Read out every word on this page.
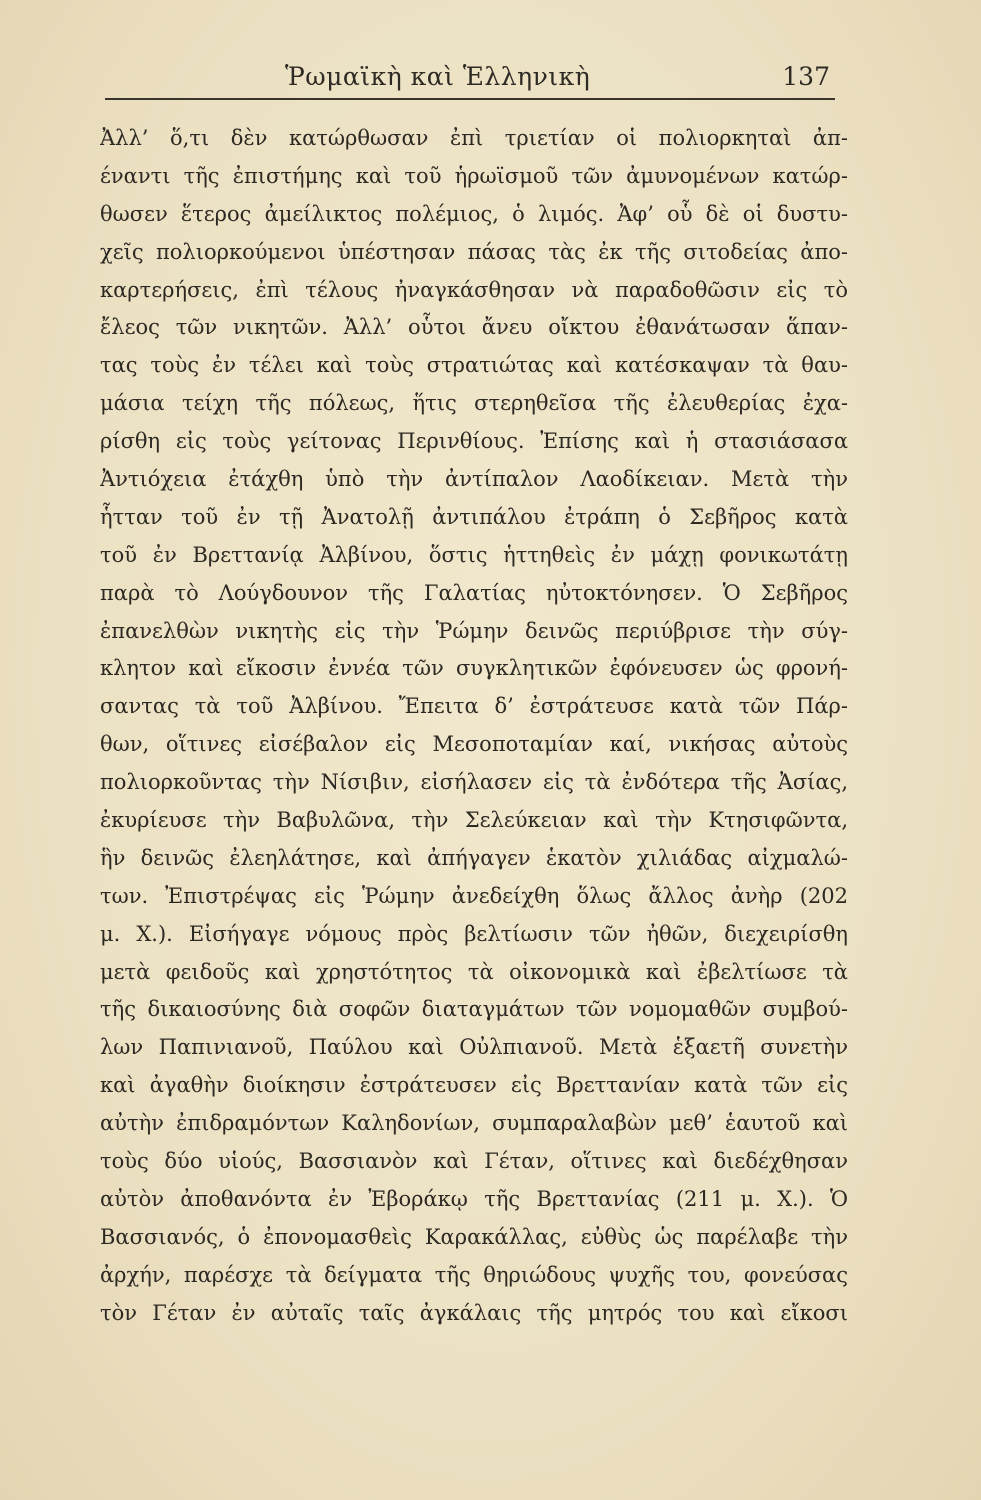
Ῥωμαϊκὴ καὶ Ἑλληνικὴ	137
Ἀλλ’ ὅ,τι δὲν κατώρθωσαν ἐπὶ τριετίαν οἱ πολιορκηταὶ ἀπ-
έναντι τῆς ἐπιστήμης καὶ τοῦ ἡρωϊσμοῦ τῶν ἀμυνομένων κατώρ-
θωσεν ἕτερος ἀμείλικτος πολέμιος, ὁ λιμός. Ἀφ’ οὗ δὲ οἱ δυστυ-
χεῖς πολιορκούμενοι ὑπέστησαν πάσας τὰς ἐκ τῆς σιτοδείας ἀπο-
καρτερήσεις, ἐπὶ τέλους ἠναγκάσθησαν νὰ παραδοθῶσιν εἰς τὸ
ἔλεος τῶν νικητῶν. Ἀλλ’ οὗτοι ἄνευ οἴκτου ἐθανάτωσαν ἅπαν-
τας τοὺς ἐν τέλει καὶ τοὺς στρατιώτας καὶ κατέσκαψαν τὰ θαυ-
μάσια τείχη τῆς πόλεως, ἥτις στερηθεῖσα τῆς ἐλευθερίας ἐχα-
ρίσθη εἰς τοὺς γείτονας Περινθίους. Ἐπίσης καὶ ἡ στασιάσασα
Ἀντιόχεια ἐτάχθη ὑπὸ τὴν ἀντίπαλον Λαοδίκειαν. Μετὰ τὴν
ἧτταν τοῦ ἐν τῇ Ἀνατολῇ ἀντιπάλου ἐτράπη ὁ Σεβῆρος κατὰ
τοῦ ἐν Βρεττανίᾳ Ἀλβίνου, ὅστις ἡττηθεὶς ἐν μάχῃ φονικωτάτῃ
παρὰ τὸ Λούγδουνον τῆς Γαλατίας ηὐτοκτόνησεν. Ὁ Σεβῆρος
ἐπανελθὼν νικητὴς εἰς τὴν Ῥώμην δεινῶς περιύβρισε τὴν σύγ-
κλητον καὶ εἴκοσιν ἐννέα τῶν συγκλητικῶν ἐφόνευσεν ὡς φρονή-
σαντας τὰ τοῦ Ἀλβίνου. Ἔπειτα δ’ ἐστράτευσε κατὰ τῶν Πάρ-
θων, οἵτινες εἰσέβαλον εἰς Μεσοποταμίαν καί, νικήσας αὐτοὺς
πολιορκοῦντας τὴν Νίσιβιν, εἰσήλασεν εἰς τὰ ἐνδότερα τῆς Ἀσίας,
ἐκυρίευσε τὴν Βαβυλῶνα, τὴν Σελεύκειαν καὶ τὴν Κτησιφῶντα,
ἣν δεινῶς ἐλεηλάτησε, καὶ ἀπήγαγεν ἑκατὸν χιλιάδας αἰχμαλώ-
των. Ἐπιστρέψας εἰς Ῥώμην ἀνεδείχθη ὅλως ἄλλος ἀνὴρ (202
μ. Χ.). Εἰσήγαγε νόμους πρὸς βελτίωσιν τῶν ἠθῶν, διεχειρίσθη
μετὰ φειδοῦς καὶ χρηστότητος τὰ οἰκονομικὰ καὶ ἐβελτίωσε τὰ
τῆς δικαιοσύνης διὰ σοφῶν διαταγμάτων τῶν νομομαθῶν συμβού-
λων Παπινιανοῦ, Παύλου καὶ Οὐλπιανοῦ. Μετὰ ἑξαετῆ συνετὴν
καὶ ἀγαθὴν διοίκησιν ἐστράτευσεν εἰς Βρεττανίαν κατὰ τῶν εἰς
αὐτὴν ἐπιδραμόντων Καληδονίων, συμπαραλαβὼν μεθ’ ἑαυτοῦ καὶ
τοὺς δύο υἱούς, Βασσιανὸν καὶ Γέταν, οἵτινες καὶ διεδέχθησαν
αὐτὸν ἀποθανόντα ἐν Ἐβοράκῳ τῆς Βρεττανίας (211 μ. Χ.). Ὁ
Βασσιανός, ὁ ἐπονομασθεὶς Καρακάλλας, εὐθὺς ὡς παρέλαβε τὴν
ἀρχήν, παρέσχε τὰ δείγματα τῆς θηριώδους ψυχῆς του, φονεύσας
τὸν Γέταν ἐν αὐταῖς ταῖς ἀγκάλαις τῆς μητρός του καὶ εἴκοσι
